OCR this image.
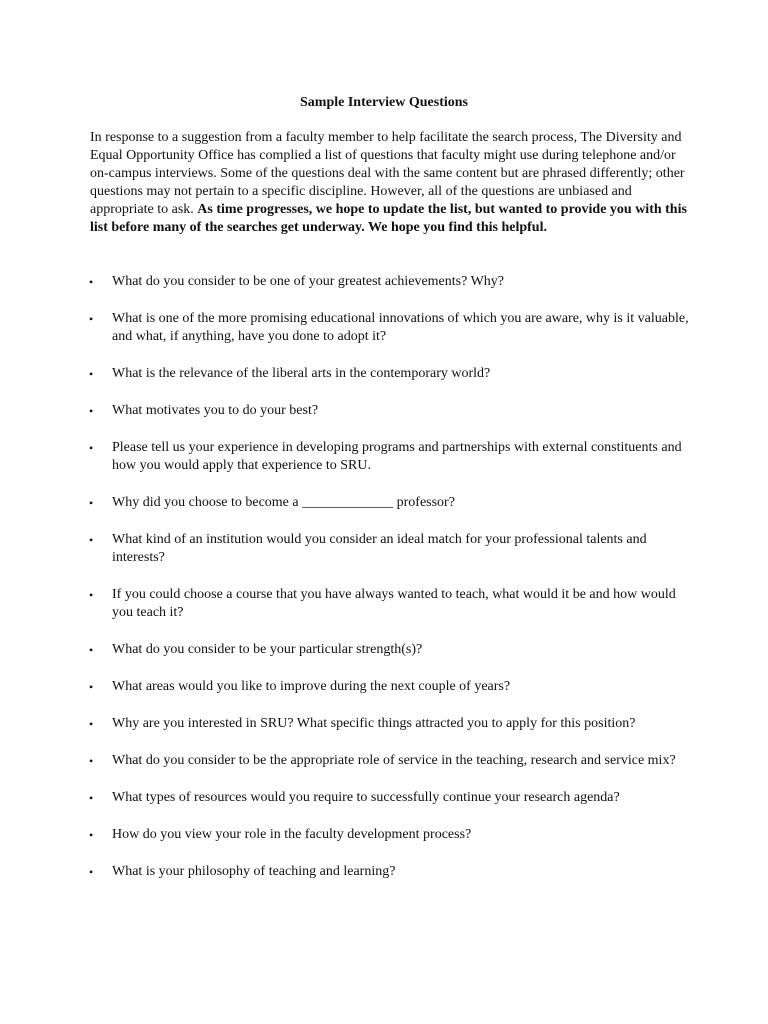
Sample Interview Questions
In response to a suggestion from a faculty member to help facilitate the search process, The Diversity and Equal Opportunity Office has complied a list of questions that faculty might use during telephone and/or on-campus interviews. Some of the questions deal with the same content but are phrased differently; other questions may not pertain to a specific discipline. However, all of the questions are unbiased and appropriate to ask. As time progresses, we hope to update the list, but wanted to provide you with this list before many of the searches get underway. We hope you find this helpful.
• What do you consider to be one of your greatest achievements? Why?
• What is one of the more promising educational innovations of which you are aware, why is it valuable, and what, if anything, have you done to adopt it?
• What is the relevance of the liberal arts in the contemporary world?
• What motivates you to do your best?
• Please tell us your experience in developing programs and partnerships with external constituents and how you would apply that experience to SRU.
• Why did you choose to become a _____________ professor?
• What kind of an institution would you consider an ideal match for your professional talents and interests?
• If you could choose a course that you have always wanted to teach, what would it be and how would you teach it?
• What do you consider to be your particular strength(s)?
• What areas would you like to improve during the next couple of years?
• Why are you interested in SRU? What specific things attracted you to apply for this position?
• What do you consider to be the appropriate role of service in the teaching, research and service mix?
• What types of resources would you require to successfully continue your research agenda?
• How do you view your role in the faculty development process?
• What is your philosophy of teaching and learning?
